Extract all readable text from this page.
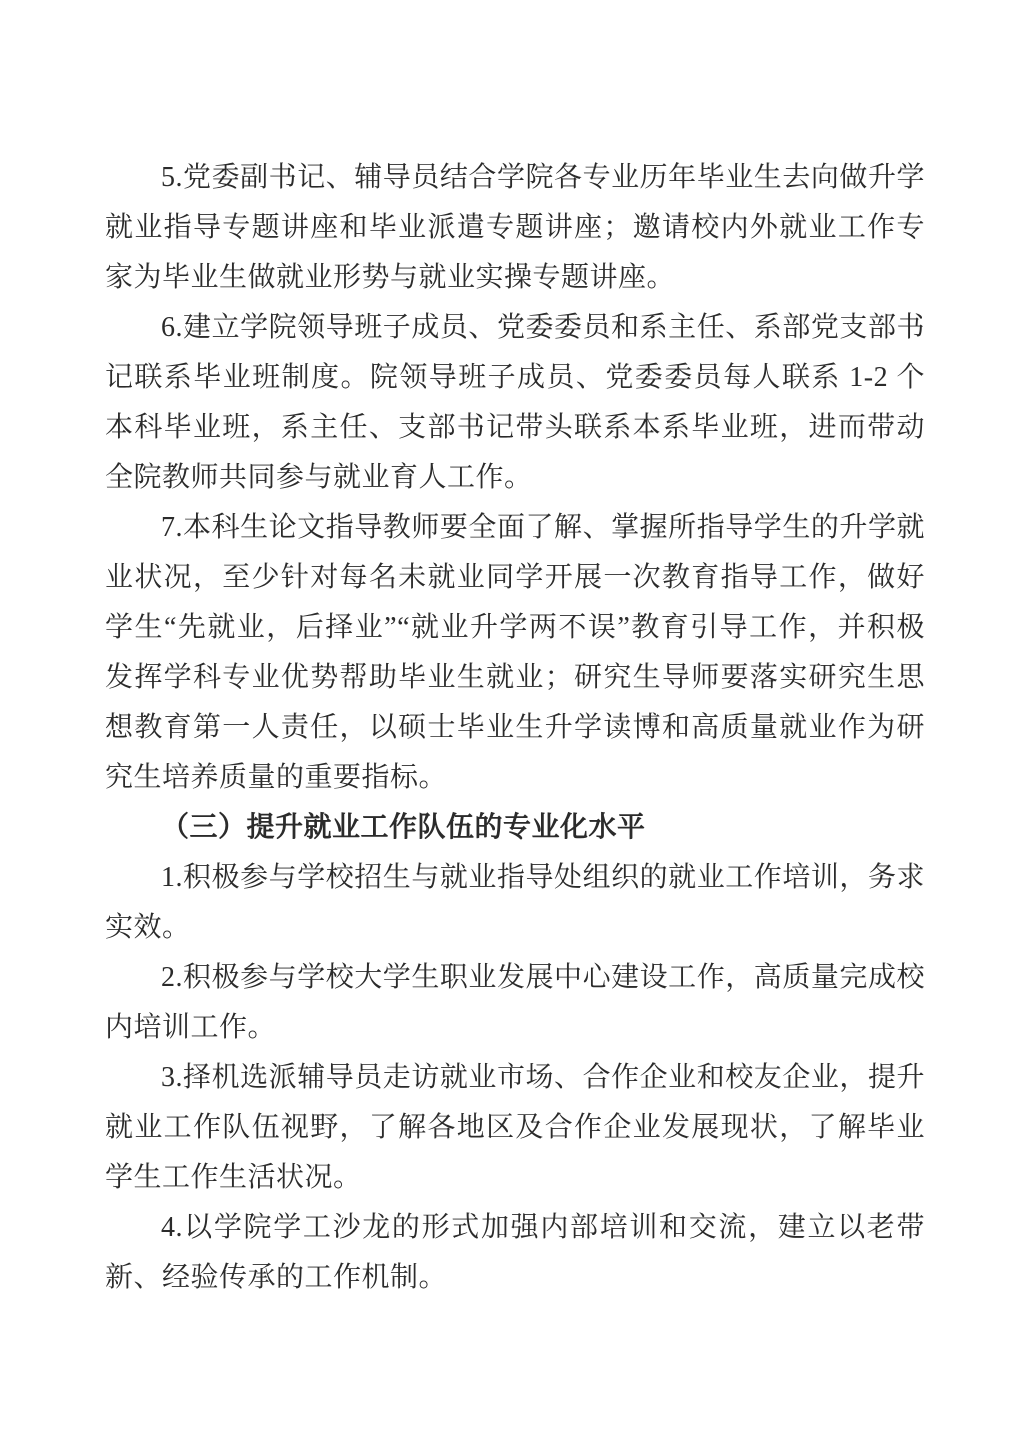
5.党委副书记、辅导员结合学院各专业历年毕业生去向做升学就业指导专题讲座和毕业派遣专题讲座；邀请校内外就业工作专家为毕业生做就业形势与就业实操专题讲座。

6.建立学院领导班子成员、党委委员和系主任、系部党支部书记联系毕业班制度。院领导班子成员、党委委员每人联系 1-2 个本科毕业班，系主任、支部书记带头联系本系毕业班，进而带动全院教师共同参与就业育人工作。

7.本科生论文指导教师要全面了解、掌握所指导学生的升学就业状况，至少针对每名未就业同学开展一次教育指导工作，做好学生“先就业，后择业”“就业升学两不误”教育引导工作，并积极发挥学科专业优势帮助毕业生就业；研究生导师要落实研究生思想教育第一人责任，以硕士毕业生升学读博和高质量就业作为研究生培养质量的重要指标。

（三）提升就业工作队伍的专业化水平

1.积极参与学校招生与就业指导处组织的就业工作培训，务求实效。

2.积极参与学校大学生职业发展中心建设工作，高质量完成校内培训工作。

3.择机选派辅导员走访就业市场、合作企业和校友企业，提升就业工作队伍视野，了解各地区及合作企业发展现状，了解毕业学生工作生活状况。

4.以学院学工沙龙的形式加强内部培训和交流，建立以老带新、经验传承的工作机制。
